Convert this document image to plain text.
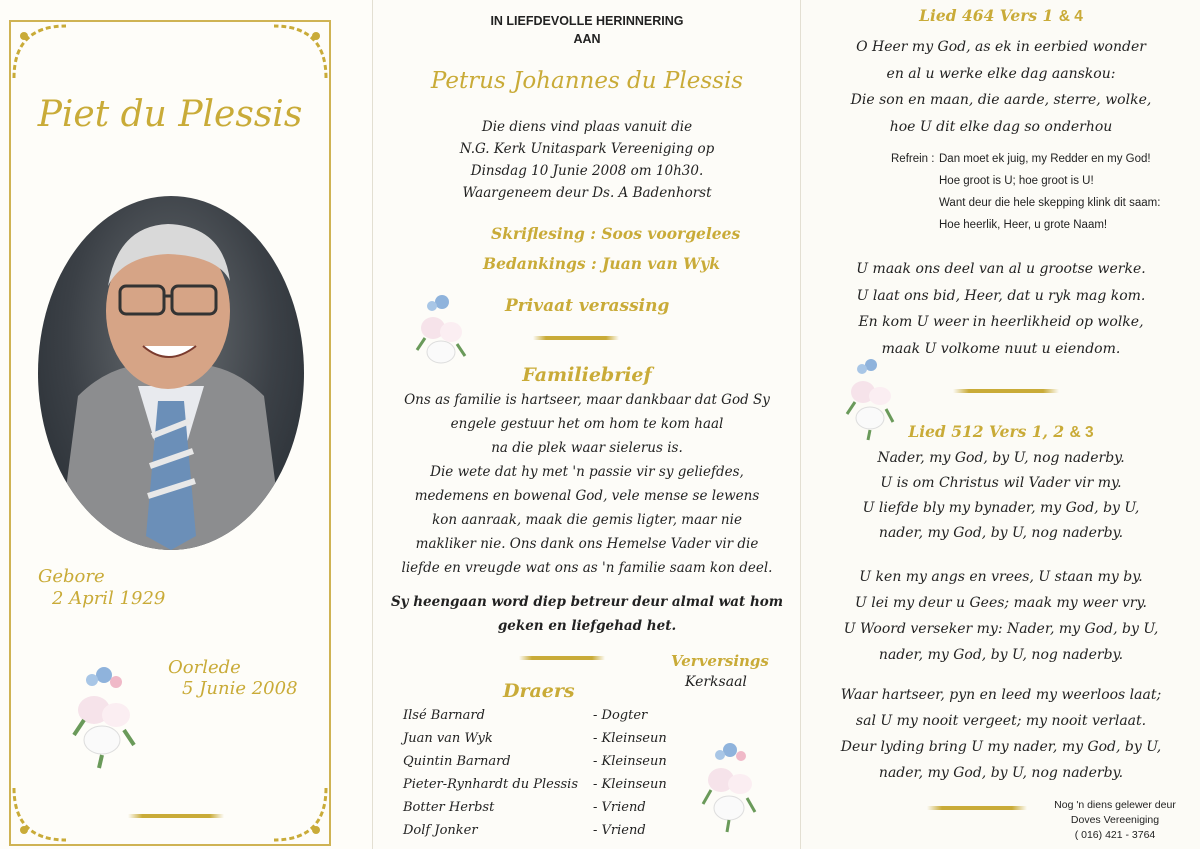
Piet du Plessis
Gebore
2 April 1929
Oorlede
5 Junie 2008
IN LIEFDEVOLLE HERINNERING
AAN
Petrus Johannes du Plessis
Die diens vind plaas vanuit die
N.G. Kerk Unitaspark Vereeniging op
Dinsdag 10 Junie 2008 om 10h30.
Waargeneem deur Ds. A Badenhorst
Skriflesing : Soos voorgelees
Bedankings : Juan van Wyk
Privaat verassing
Familiebrief
Ons as familie is hartseer, maar dankbaar dat God Sy
engele gestuur het om hom te kom haal
na die plek waar sielerus is.
Die wete dat hy met 'n passie vir sy geliefdes,
medemens en bowenal God, vele mense se lewens
kon aanraak, maak die gemis ligter, maar nie
makliker nie. Ons dank ons Hemelse Vader vir die
liefde en vreugde wat ons as 'n familie saam kon deel.
Sy heengaan word diep betreur deur almal wat hom
geken en liefgehad het.
Verversings
Kerksaal
Draers
Ilsé Barnard	- Dogter
Juan van Wyk	- Kleinseun
Quintin Barnard	- Kleinseun
Pieter-Rynhardt du Plessis - Kleinseun
Botter Herbst	- Vriend
Dolf Jonker	- Vriend
Lied 464 Vers 1 & 4
O Heer my God, as ek in eerbied wonder
en al u werke elke dag aanskou:
Die son en maan, die aarde, sterre, wolke,
hoe U dit elke dag so onderhou
Refrein : Dan moet ek juig, my Redder en my God!
Hoe groot is U; hoe groot is U!
Want deur die hele skepping klink dit saam:
Hoe heerlik, Heer, u grote Naam!
U maak ons deel van al u grootse werke.
U laat ons bid, Heer, dat u ryk mag kom.
En kom U weer in heerlikheid op wolke,
maak U volkome nuut u eiendom.
Lied 512 Vers 1, 2 & 3
Nader, my God, by U, nog naderby.
U is om Christus wil Vader vir my.
U liefde bly my bynader, my God, by U,
nader, my God, by U, nog naderby.
U ken my angs en vrees, U staan my by.
U lei my deur u Gees; maak my weer vry.
U Woord verseker my: Nader, my God, by U,
nader, my God, by U, nog naderby.
Waar hartseer, pyn en leed my weerloos laat;
sal U my nooit vergeet; my nooit verlaat.
Deur lyding bring U my nader, my God, by U,
nader, my God, by U, nog naderby.
Nog 'n diens gelewer deur
Doves Vereeniging
( 016) 421 - 3764
